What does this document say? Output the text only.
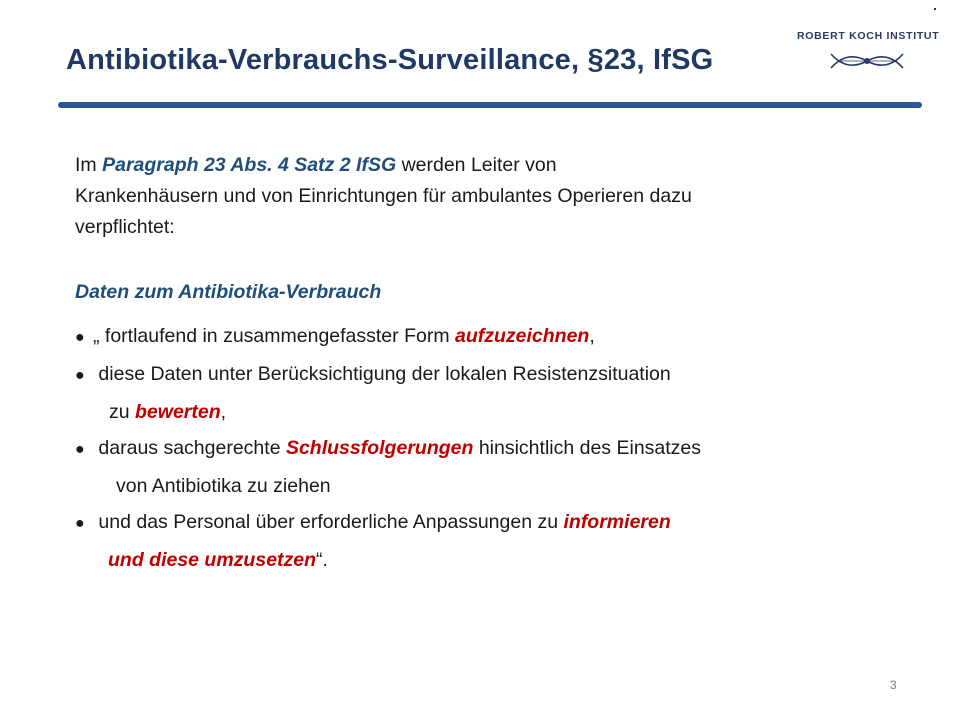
Antibiotika-Verbrauchs-Surveillance, §23, IfSG
ROBERT KOCH INSTITUT
Im Paragraph 23 Abs. 4 Satz 2 IfSG werden Leiter von
Krankenhäusern und von Einrichtungen für ambulantes Operieren dazu
verpflichtet:
Daten zum Antibiotika-Verbrauch
● „ fortlaufend in zusammengefasster Form aufzuzeichnen,
● diese Daten unter Berücksichtigung der lokalen Resistenzsituation
zu bewerten,
● daraus sachgerechte Schlussfolgerungen hinsichtlich des Einsatzes
von Antibiotika zu ziehen
● und das Personal über erforderliche Anpassungen zu informieren
und diese umzusetzen“.
3
